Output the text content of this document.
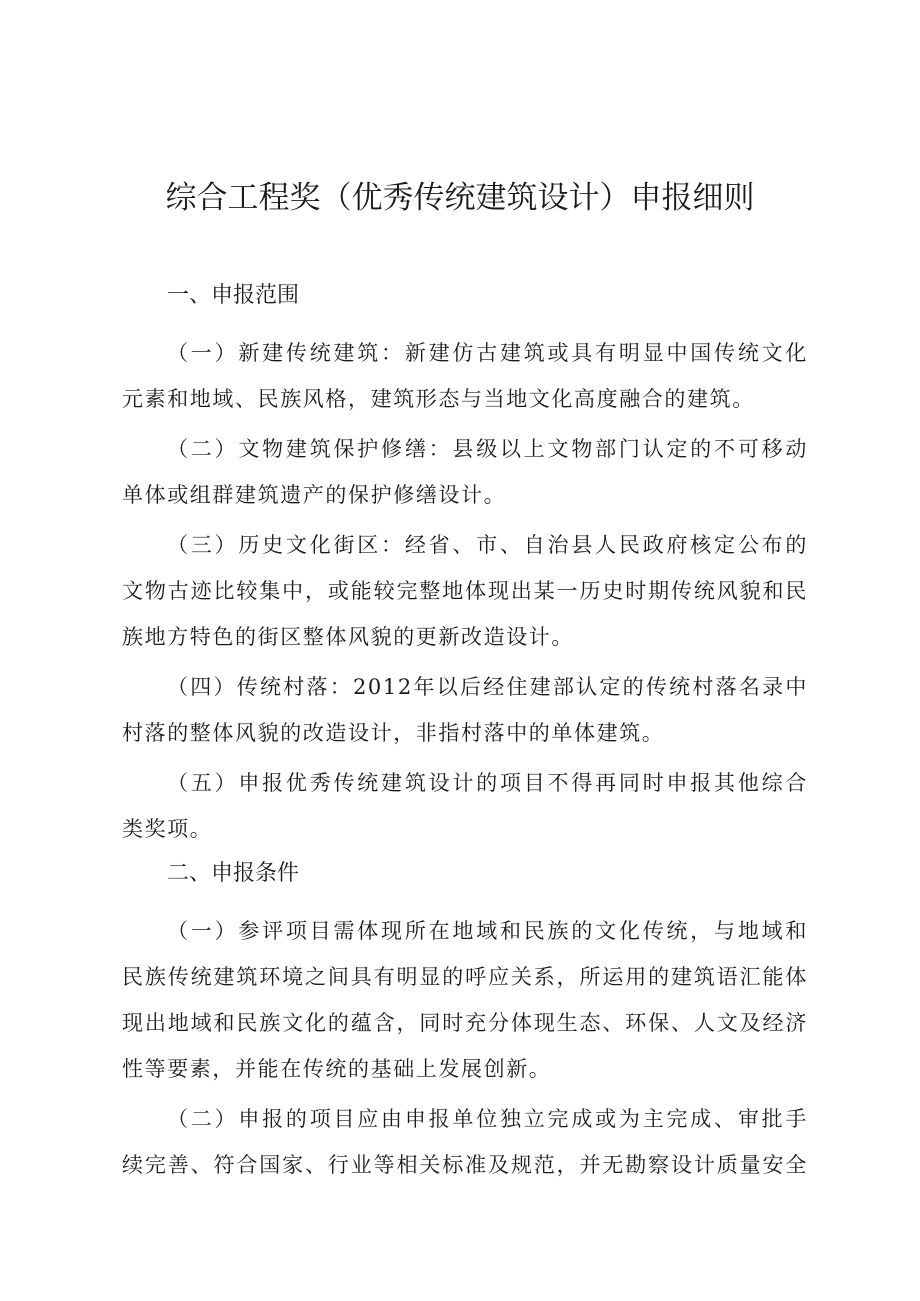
综合工程奖（优秀传统建筑设计）申报细则
一、申报范围
（一）新建传统建筑：新建仿古建筑或具有明显中国传统文化
元素和地域、民族风格，建筑形态与当地文化高度融合的建筑。
（二）文物建筑保护修缮：县级以上文物部门认定的不可移动
单体或组群建筑遗产的保护修缮设计。
（三）历史文化街区：经省、市、自治县人民政府核定公布的
文物古迹比较集中，或能较完整地体现出某一历史时期传统风貌和民
族地方特色的街区整体风貌的更新改造设计。
（四）传统村落：2012年以后经住建部认定的传统村落名录中
村落的整体风貌的改造设计，非指村落中的单体建筑。
（五）申报优秀传统建筑设计的项目不得再同时申报其他综合
类奖项。
二、申报条件
（一）参评项目需体现所在地域和民族的文化传统，与地域和
民族传统建筑环境之间具有明显的呼应关系，所运用的建筑语汇能体
现出地域和民族文化的蕴含，同时充分体现生态、环保、人文及经济
性等要素，并能在传统的基础上发展创新。
（二）申报的项目应由申报单位独立完成或为主完成、审批手
续完善、符合国家、行业等相关标准及规范，并无勘察设计质量安全
